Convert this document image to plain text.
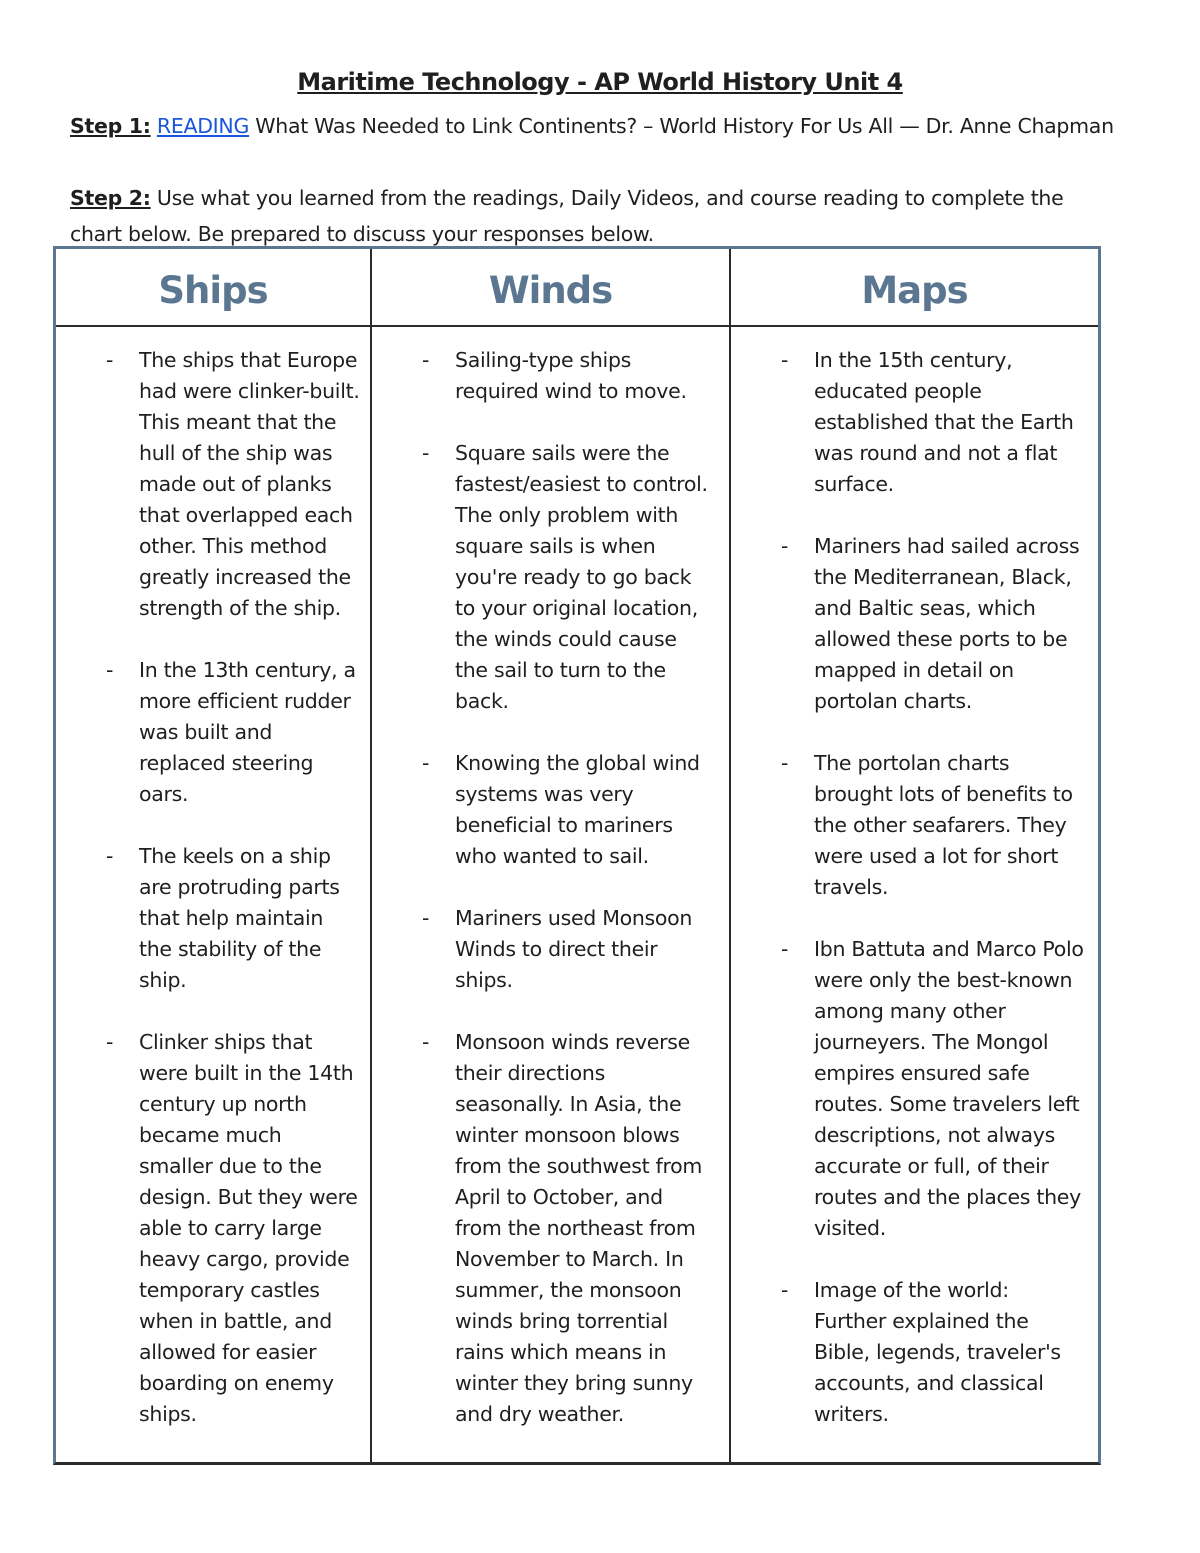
Maritime Technology - AP World History Unit 4
Step 1: READING What Was Needed to Link Continents? – World History For Us All — Dr. Anne Chapman
Step 2: Use what you learned from the readings, Daily Videos, and course reading to complete the chart below. Be prepared to discuss your responses below.
Ships	Winds	Maps
- The ships that Europe had were clinker-built. This meant that the hull of the ship was made out of planks that overlapped each other. This method greatly increased the strength of the ship.
- In the 13th century, a more efficient rudder was built and replaced steering oars.
- The keels on a ship are protruding parts that help maintain the stability of the ship.
- Clinker ships that were built in the 14th century up north became much smaller due to the design. But they were able to carry large heavy cargo, provide temporary castles when in battle, and allowed for easier boarding on enemy ships.
- Sailing-type ships required wind to move.
- Square sails were the fastest/easiest to control. The only problem with square sails is when you're ready to go back to your original location, the winds could cause the sail to turn to the back.
- Knowing the global wind systems was very beneficial to mariners who wanted to sail.
- Mariners used Monsoon Winds to direct their ships.
- Monsoon winds reverse their directions seasonally. In Asia, the winter monsoon blows from the southwest from April to October, and from the northeast from November to March. In summer, the monsoon winds bring torrential rains which means in winter they bring sunny and dry weather.
- In the 15th century, educated people established that the Earth was round and not a flat surface.
- Mariners had sailed across the Mediterranean, Black, and Baltic seas, which allowed these ports to be mapped in detail on portolan charts.
- The portolan charts brought lots of benefits to the other seafarers. They were used a lot for short travels.
- Ibn Battuta and Marco Polo were only the best-known among many other journeyers. The Mongol empires ensured safe routes. Some travelers left descriptions, not always accurate or full, of their routes and the places they visited.
- Image of the world: Further explained the Bible, legends, traveler's accounts, and classical writers.
